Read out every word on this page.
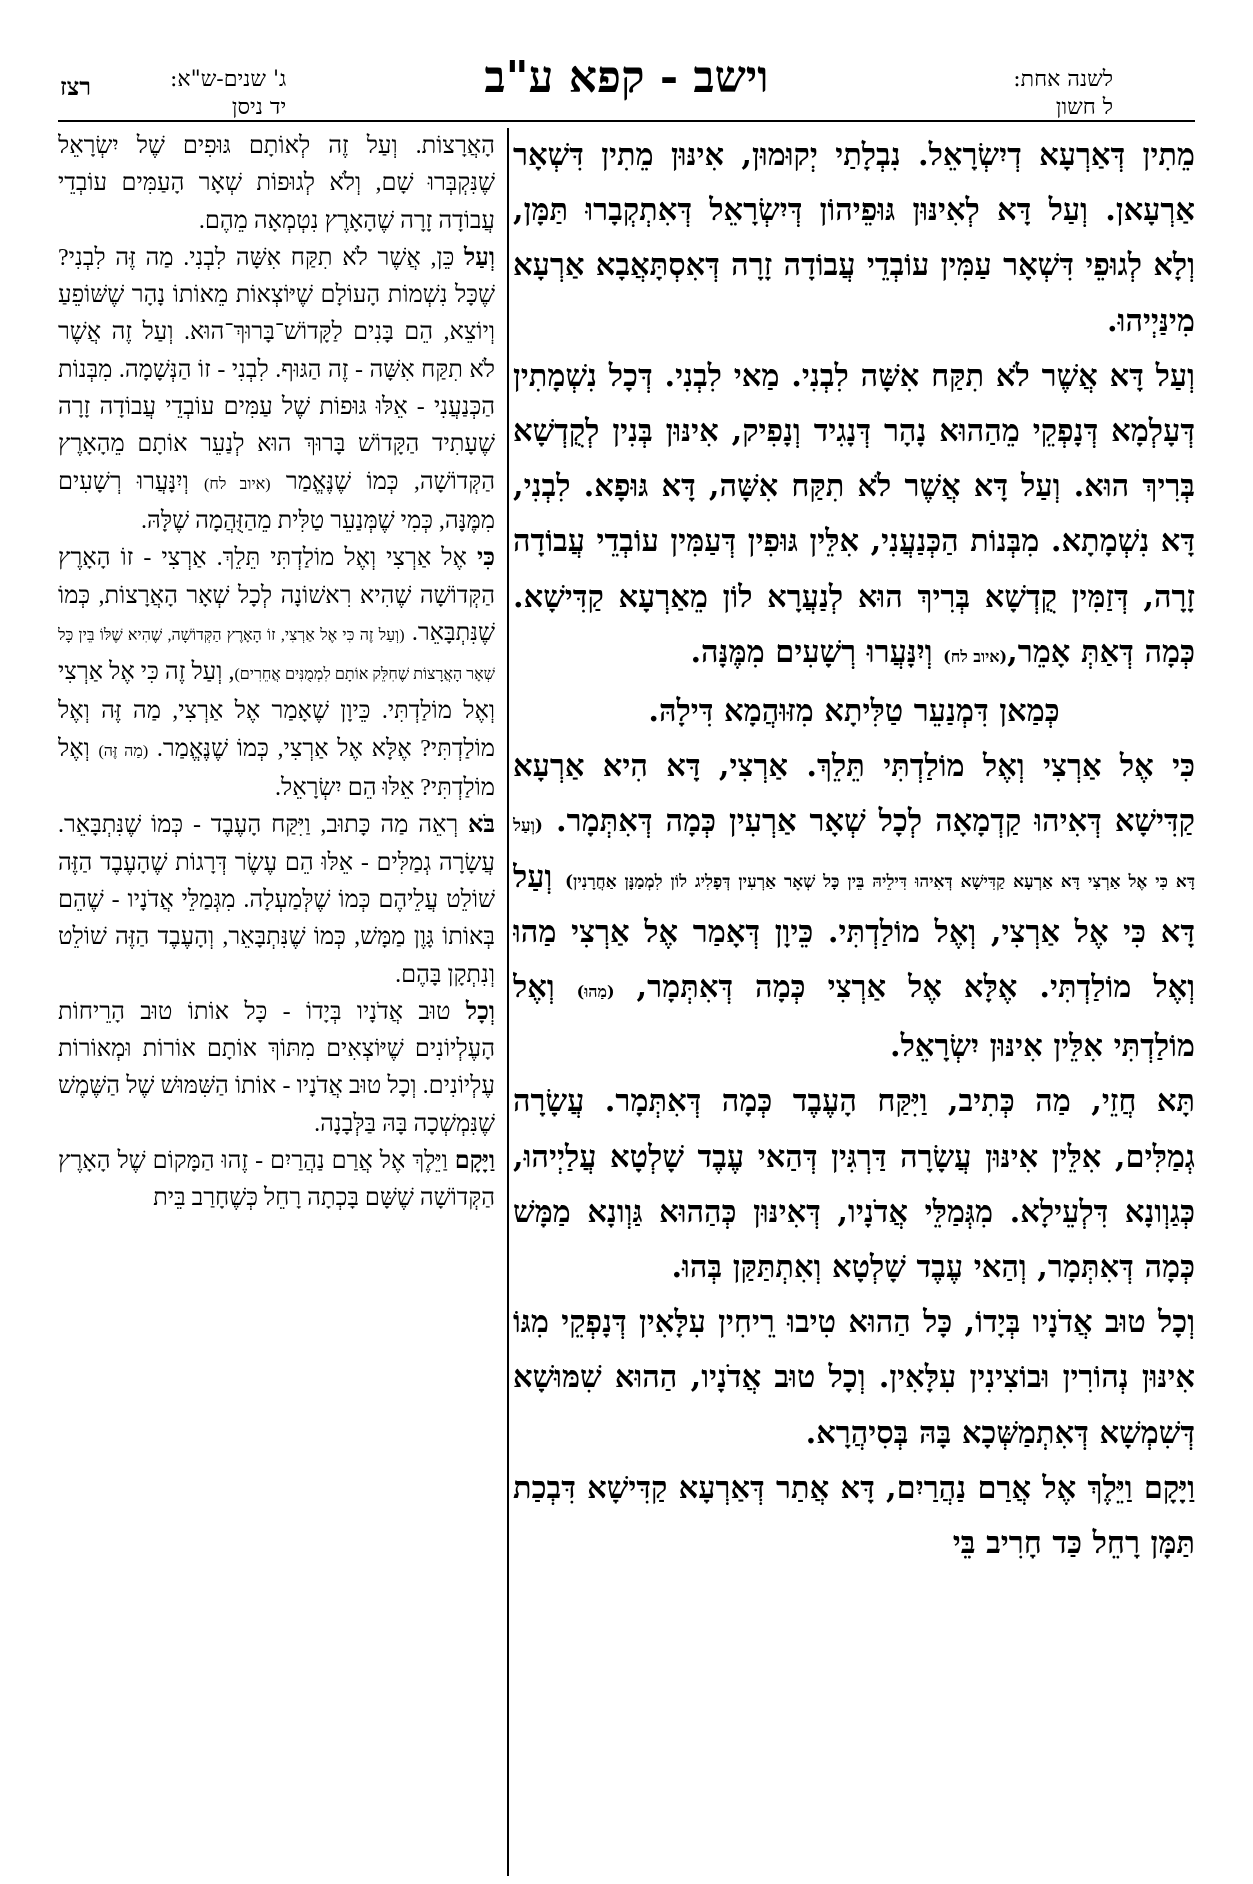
לשנה אחת:
ל חשון
וישב - קפא ע"ב
ג' שנים-ש"א:
יד ניסן
רצז

מֵתִין דְּאַרְעָא דְיִשְׂרָאֵל. נִבְלָתַי יְקוּמוּן, אִינּוּן מֵתִין דִּשְׁאָר אַרְעָאן. וְעַל דָּא לְאִינּוּן גּוּפֵיהוֹן דְּיִשְׂרָאֵל דְּאִתְקְבָרוּ תַּמָּן, וְלָא לְגוּפֵי דִּשְׁאָר עַמִּין עוֹבְדֵי עֲבוֹדָה זָרָה דְּאִסְתָּאֲבָא אַרְעָא מִינַּיְיהוּ.

וְעַל דָּא אֲשֶׁר לֹא תִקַּח אִשָּׁה לִבְנִי. מַאי לִבְנִי. דְּכָל נִשְׁמָתִין דְּעָלְמָא דְּנָפְקֵי מֵהַהוּא נָהָר דְּנָגִיד וְנָפִיק, אִינּוּן בְּנִין לְקֻדְשָׁא בְּרִיךְ הוּא. וְעַל דָּא אֲשֶׁר לֹא תִקַּח אִשָּׁה, דָּא גּוּפָא. לִבְנִי, דָּא נִשְׁמָתָא. מִבְּנוֹת הַכְּנַעֲנִי, אִלֵּין גּוּפִין דְּעַמִּין עוֹבְדֵי עֲבוֹדָה זָרָה, דְּזַמִּין קֻדְשָׁא בְּרִיךְ הוּא לְנַעֲרָא לוֹן מֵאַרְעָא קַדִּישָׁא. כְּמָה דְּאַתְּ אָמֵר,(איוב לח) וְיִנָּעֲרוּ רְשָׁעִים מִמֶּנָּה.

כְּמַאן דִּמְנַעֵר טַלִּיתָא מִזּוּהֲמָא דִּילָהּ.

כִּי אֶל אַרְצִי וְאֶל מוֹלַדְתִּי תֵּלֵךְ. אַרְצִי, דָּא הִיא אַרְעָא קַדִּישָׁא דְּאִיהוּ קַדְמָאָה לְכָל שְׁאָר אַרְעִין כְּמָה דְּאִתְּמָר. (וְעַל דָּא כִּי אֶל אַרְצִי דָּא אַרְעָא קַדִּישָׁא דְּאִיהוּ דִּילֵיהּ בֵּין כָּל שְׁאָר אַרְעִין דְּפָלִיג לוֹן לִמְמַנָּן אַחֲרָנִין) וְעַל דָּא כִּי אֶל אַרְצִי, וְאֶל מוֹלַדְתִּי. כֵּיוָן דְּאָמַר אֶל אַרְצִי מַהוּ וְאֶל מוֹלַדְתִּי. אֶלָּא אֶל אַרְצִי כְּמָה דְּאִתְּמָר, (מַהוּ) וְאֶל מוֹלַדְתִּי אִלֵּין אִינּוּן יִשְׂרָאֵל.

תָּא חֲזֵי, מַה כְּתִיב, וַיִּקַּח הָעֶבֶד כְּמָה דְּאִתְּמָר. עֲשָׂרָה גְמַלִּים, אִלֵּין אִינּוּן עֲשָׂרָה דַּרְגִּין דְּהַאי עֶבֶד שָׁלְטָא עֲלַיְיהוּ, כְּגַוְונָא דִּלְעֵילָא. מִגְּמַלֵּי אֲדֹנָיו, דְּאִינּוּן כְּהַהוּא גַּוְונָא מַמָּשׁ כְּמָה דְּאִתְּמָר, וְהַאי עֶבֶד שָׁלְטָא וְאִתְתַּקַּן בְּהוּ.

וְכָל טוּב אֲדֹנָיו בְּיָדוֹ, כָּל הַהוּא טִיבוּ רֵיחִין עִלָּאִין דְּנָפְקֵי מִגּוֹ אִינּוּן נְהוֹרִין וּבוֹצִינִין עִלָּאִין. וְכָל טוּב אֲדֹנָיו, הַהוּא שִׁמּוּשָׁא דְּשִׁמְשָׁא דְּאִתְמַשְּׁכָא בָּהּ בְּסִיהֲרָא.

וַיָּקָם וַיֵּלֶךְ אֶל אֲרַם נַהֲרַיִם, דָּא אֲתַר דְּאַרְעָא קַדִּישָׁא דִּבְכַת תַּמָּן רָחֵל כַּד חָרִיב בֵּי

הָאֲרָצוֹת. וְעַל זֶה לְאוֹתָם גּוּפִים שֶׁל יִשְׂרָאֵל שֶׁנִּקְבְּרוּ שָׁם, וְלֹא לְגוּפוֹת שְׁאָר הָעַמִּים עוֹבְדֵי עֲבוֹדָה זָרָה שֶׁהָאָרֶץ נִטְמְאָה מֵהֶם.

וְעַל כֵּן, אֲשֶׁר לֹא תִקַּח אִשָּׁה לִבְנִי. מַה זֶּה לִבְנִי? שֶׁכָּל נִשְׁמוֹת הָעוֹלָם שֶׁיּוֹצְאוֹת מֵאוֹתוֹ נָהָר שֶׁשּׁוֹפֵעַ וְיוֹצֵא, הֵם בָּנִים לַקָּדוֹשׁ־בָּרוּךְ־הוּא. וְעַל זֶה אֲשֶׁר לֹא תִקַּח אִשָּׁה - זֶה הַגּוּף. לִבְנִי - זוֹ הַנְּשָׁמָה. מִבְּנוֹת הַכְּנַעֲנִי - אֵלּוּ גּוּפוֹת שֶׁל עַמִּים עוֹבְדֵי עֲבוֹדָה זָרָה שֶׁעָתִיד הַקָּדוֹשׁ בָּרוּךְ הוּא לְנַעֵר אוֹתָם מֵהָאָרֶץ הַקְּדוֹשָׁה, כְּמוֹ שֶׁנֶּאֱמַר (איוב לח) וְיִנָּעֲרוּ רְשָׁעִים מִמֶּנָּה, כְּמִי שֶׁמְּנַעֵר טַלִּית מֵהַזֻּהֲמָה שֶׁלָּהּ.

כִּי אֶל אַרְצִי וְאֶל מוֹלַדְתִּי תֵּלֵךְ. אַרְצִי - זוֹ הָאָרֶץ הַקְּדוֹשָׁה שֶׁהִיא רִאשׁוֹנָה לְכָל שְׁאָר הָאֲרָצוֹת, כְּמוֹ שֶׁנִּתְבָּאֵר. (וְעַל זֶה כִּי אֶל אַרְצִי, זוֹ הָאָרֶץ הַקְּדוֹשָׁה, שֶׁהִיא שֶׁלּוֹ בֵּין כָּל שְׁאָר הָאֲרָצוֹת שֶׁחִלֵּק אוֹתָם לִמְמֻנִּים אֲחֵרִים), וְעַל זֶה כִּי אֶל אַרְצִי וְאֶל מוֹלַדְתִּי. כֵּיוָן שֶׁאָמַר אֶל אַרְצִי, מַה זֶּה וְאֶל מוֹלַדְתִּי? אֶלָּא אֶל אַרְצִי, כְּמוֹ שֶׁנֶּאֱמַר. (מַה זֶּה) וְאֶל מוֹלַדְתִּי? אֵלּוּ הֵם יִשְׂרָאֵל.

בֹּא רְאֵה מַה כָּתוּב, וַיִּקַּח הָעֶבֶד - כְּמוֹ שֶׁנִּתְבָּאֵר. עֲשָׂרָה גְמַלִּים - אֵלּוּ הֵם עֶשֶׂר דְּרָגוֹת שֶׁהָעֶבֶד הַזֶּה שׁוֹלֵט עֲלֵיהֶם כְּמוֹ שֶׁלְּמַעְלָה. מִגְּמַלֵּי אֲדֹנָיו - שֶׁהֵם בְּאוֹתוֹ גָּוֶן מַמָּשׁ, כְּמוֹ שֶׁנִּתְבָּאֵר, וְהָעֶבֶד הַזֶּה שׁוֹלֵט וְנִתְקָן בָּהֶם.

וְכָל טוּב אֲדֹנָיו בְּיָדוֹ - כָּל אוֹתוֹ טוּב הָרֵיחוֹת הָעֶלְיוֹנִים שֶׁיּוֹצְאִים מִתּוֹךְ אוֹתָם אוֹרוֹת וּמְאוֹרוֹת עֶלְיוֹנִים. וְכָל טוּב אֲדֹנָיו - אוֹתוֹ הַשִּׁמּוּשׁ שֶׁל הַשֶּׁמֶשׁ שֶׁנִּמְשְׁכָה בָּהּ בַּלְּבָנָה.

וַיָּקָם וַיֵּלֶךְ אֶל אֲרַם נַהֲרַיִם - זֶהוּ הַמָּקוֹם שֶׁל הָאָרֶץ הַקְּדוֹשָׁה שֶׁשָּׁם בָּכְתָה רָחֵל כְּשֶׁחָרַב בֵּית
